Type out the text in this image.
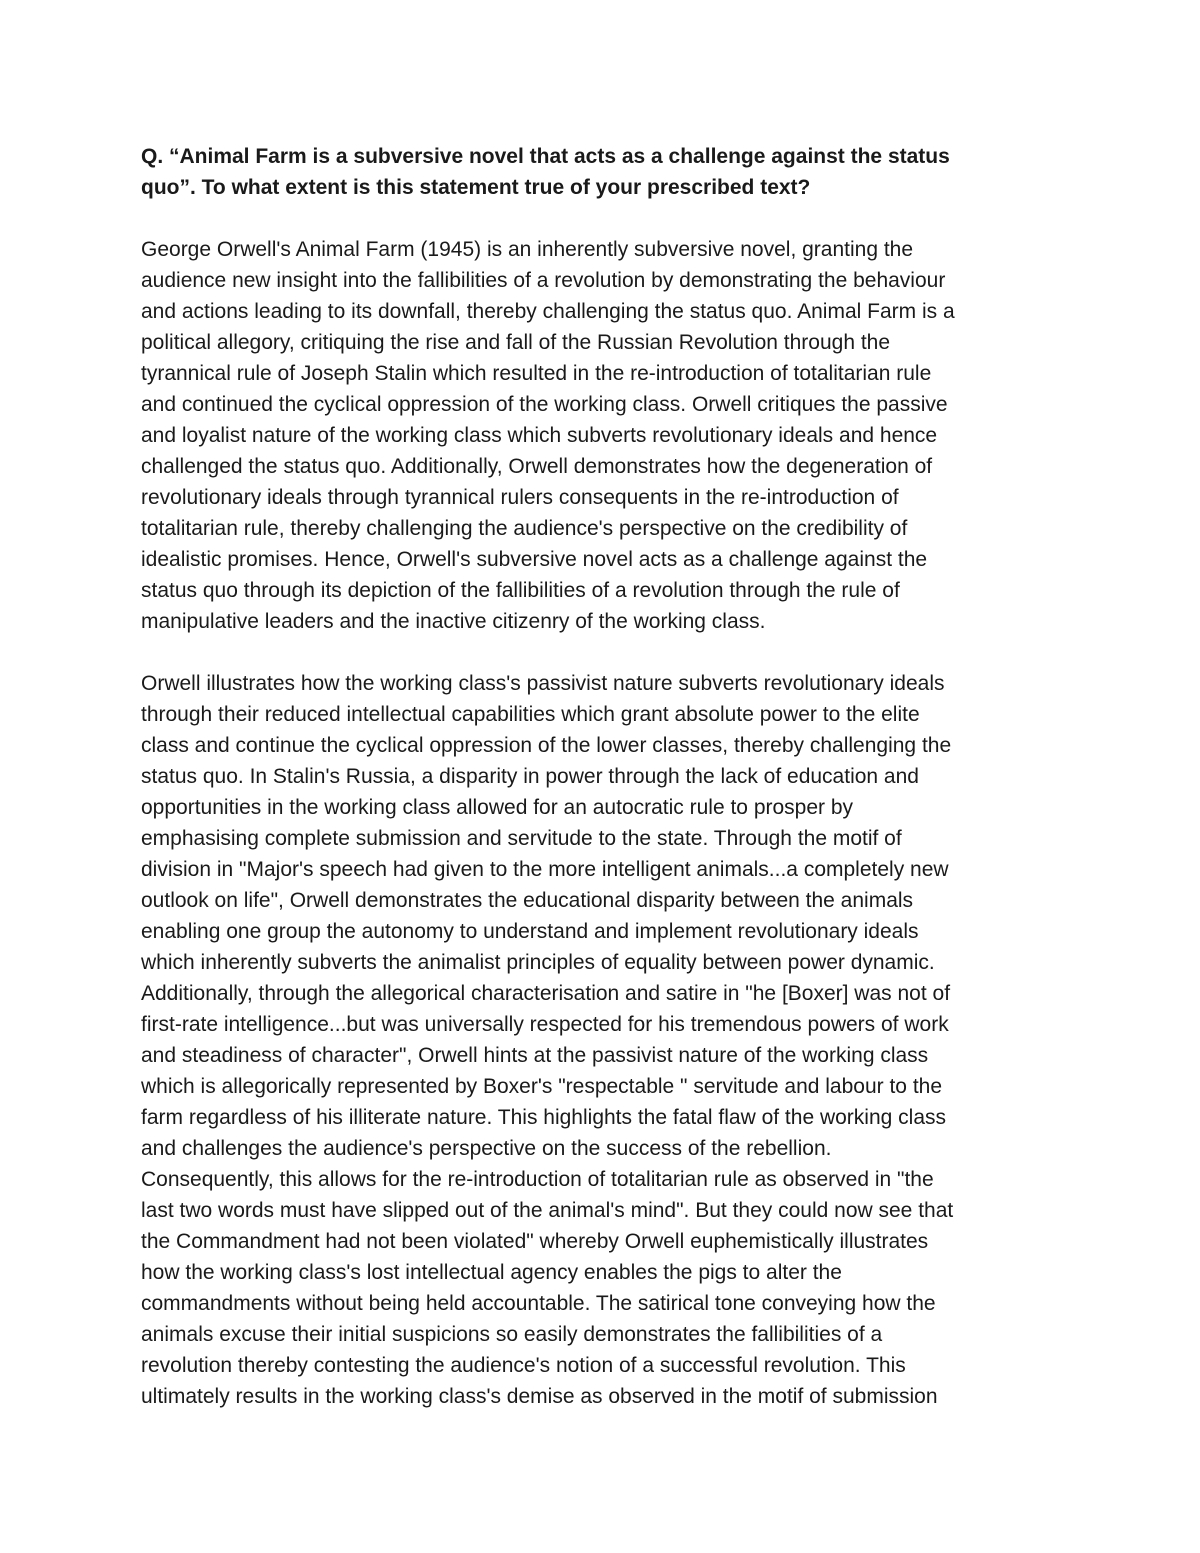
Q. “Animal Farm is a subversive novel that acts as a challenge against the status
quo”. To what extent is this statement true of your prescribed text?

George Orwell's Animal Farm (1945) is an inherently subversive novel, granting the
audience new insight into the fallibilities of a revolution by demonstrating the behaviour
and actions leading to its downfall, thereby challenging the status quo. Animal Farm is a
political allegory, critiquing the rise and fall of the Russian Revolution through the
tyrannical rule of Joseph Stalin which resulted in the re-introduction of totalitarian rule
and continued the cyclical oppression of the working class. Orwell critiques the passive
and loyalist nature of the working class which subverts revolutionary ideals and hence
challenged the status quo. Additionally, Orwell demonstrates how the degeneration of
revolutionary ideals through tyrannical rulers consequents in the re-introduction of
totalitarian rule, thereby challenging the audience's perspective on the credibility of
idealistic promises. Hence, Orwell's subversive novel acts as a challenge against the
status quo through its depiction of the fallibilities of a revolution through the rule of
manipulative leaders and the inactive citizenry of the working class.

Orwell illustrates how the working class's passivist nature subverts revolutionary ideals
through their reduced intellectual capabilities which grant absolute power to the elite
class and continue the cyclical oppression of the lower classes, thereby challenging the
status quo. In Stalin's Russia, a disparity in power through the lack of education and
opportunities in the working class allowed for an autocratic rule to prosper by
emphasising complete submission and servitude to the state. Through the motif of
division in "Major's speech had given to the more intelligent animals...a completely new
outlook on life", Orwell demonstrates the educational disparity between the animals
enabling one group the autonomy to understand and implement revolutionary ideals
which inherently subverts the animalist principles of equality between power dynamic.
Additionally, through the allegorical characterisation and satire in "he [Boxer] was not of
first-rate intelligence...but was universally respected for his tremendous powers of work
and steadiness of character", Orwell hints at the passivist nature of the working class
which is allegorically represented by Boxer's "respectable " servitude and labour to the
farm regardless of his illiterate nature. This highlights the fatal flaw of the working class
and challenges the audience's perspective on the success of the rebellion.
Consequently, this allows for the re-introduction of totalitarian rule as observed in "the
last two words must have slipped out of the animal's mind". But they could now see that
the Commandment had not been violated" whereby Orwell euphemistically illustrates
how the working class's lost intellectual agency enables the pigs to alter the
commandments without being held accountable. The satirical tone conveying how the
animals excuse their initial suspicions so easily demonstrates the fallibilities of a
revolution thereby contesting the audience's notion of a successful revolution. This
ultimately results in the working class's demise as observed in the motif of submission
